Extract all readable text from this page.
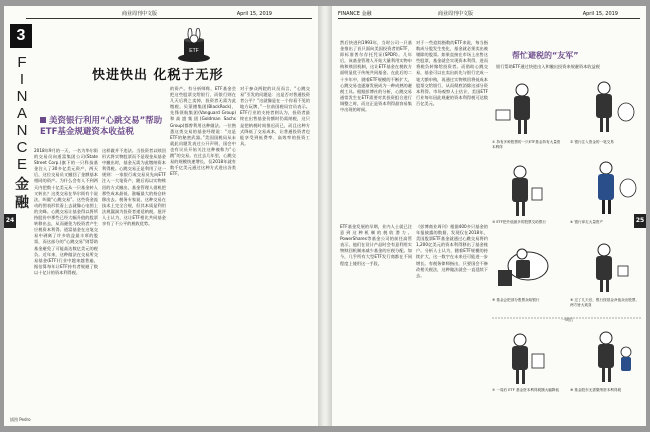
商业周刊中文版	April 15, 2019
3
F
I
N
A
N
C
E
金融
24
ETF
快进快出 化税于无形
美资银行利用“心跳交易”帮助ETF基金规避资本收益税
2018年9月的一天，一名为华尔街的交易员向道富集团公司(State Street Corp.)旗下的一只科技基金注入了30多亿美元资产，两天后，这位交易员又撤回了金额基本相同的资产。为什么会有人不到两天内把数十亿美元从一只基金转入又转出？这类交易在华尔街有个说法，叫做“心跳交易”。这些资金流动的图表形状看上去就像心电图上的尖峰。心跳交易让基金得以将所持股份中那些已经大幅升值的股票转移出去，从而避免为投资者产生应税资本利得。道富基金在这笔交易中剥离了许多收益最丰厚的股票，而这部分的“心跳交易”则帮助基金避免了可能高达数亿美元的税负。近年来，这种做法在交易所交易基金(ETF)行业中越来越普遍，据估算每年让ETF持有者规避了数以十亿计的资本利得税。
这样做并不违法。当投资者以赎回形式将实物股票而不是现金从基金中撤出时，基金无需为此缴纳资本利得税。心跳交易正是利用了这一规则：一家银行或交易员先向ETF注入一大笔资产，随后再以实物赎回的方式撤出，基金管理人借机把那些成本最低、涨幅最大的持仓转移出去。税务专家说，这种交易在技术上完全合规，但其本质是利用法规漏洞为投资者递延纳税，批评人士认为，这让ETF相比共同基金享有了不公平的税收优势。
的资产。有分析师称，ETF基金会把这些股票交给银行，而银行则在几天后将之卖掉，投资者无需为此缴税。贝莱德集团(BlackRock)、先锋领航集团(Vanguard Group)和高盛集团(Goldman Sachs Group)都曾利用这种做法。一位熟悉这类交易的基金经理说：“这是ETF的秘密武器。”美国国税局从未就此问题发表过公开声明，国会中也有议员开始关注这种被称为“心跳”的交易。在过去几年里，心跳交易的规模快速增长，仅2018年就有数千亿美元通过这种方式进出各类ETF。
对于参众两院的议员而言，“心跳交易”引发的问题是：这是否对普通投资者公平？“这就像是在一个你看不见的地方玩牌，”一位前国税局官员表示。ETF行业的支持者则认为，投资者最终在出售基金份额时仍需纳税，这只是把纳税时间推迟而已，而且这种方式降低了交易成本，让普通投资者也能享受到低费率、高效率的投资工具。
插图 Pedro
FINANCE 金融	商业周刊中文版	April 15, 2019
25
然后快进到1993年，当时公司一只基金推出了首只面向美国投资者的ETF，即标准普尔存托凭证(SPDR)。几年后，该基金管理人开始大量利用实物申购和赎回机制，这让ETF基金在税收方面明显优于传统共同基金。在此后的二十多年中，随着ETF规模的不断扩大，心跳交易也逐渐发展成为一种成熟的避税工具。根据彭博社的分析，心跳交易通常发生在ETF需要对其投资组合进行调整之时，而这正是资本利得最容易集中出现的时候。
对于一些追踪指数的ETF来说，每当指数成分股发生变化，基金就必须卖出被剔除的股票。如果直接在市场上出售这些股票，基金就会实现资本利得，进而将税负转嫁给投资者。而借助心跳交易，基金可以在卖出前先与银行完成一笔大额申购，再通过实物赎回将低成本股票交给银行，从而彻底消除这部分资本利得。市场观察人士估计，美国ETF行业每年因此规避的资本利得税可达数百亿美元。
ETF基金发展的早期，业内人士就已注意到这种机制的税收潜力。PowerShares等基金公司的前任高管表示，他们在设计产品时会有意利用实物赎回机制来减少基金的应税分配。如今，几乎所有大型ETF发行商都在不同程度上使用这一手段。
《彭博商业周刊》根据400多只基金的年报披露的数据，发现仅在2018年，美国股票ETF基金就通过心跳交易将约1,200亿美元的资本利得移出了基金账户。分析人士认为，随着ETF规模的持续扩大，这一数字在未来还可能进一步增长。有税务律师指出，只要国会不修改相关税法，这种做法就会一直延续下去。
帮忙避税的“友军”
银行帮助ETF通过快进出入和撤出投资来规避资本收益税
一周后
① 持有多种股票的一只ETF基金持有大量资本利得
② 银行注入资金的一笔交易
③ ETF把升值最多的股票交给银行	④ 银行拿走大量资产
⑤ 基金会把部分股票卖给银行	⑥ 过了几天后，银行按基金净值卖出股票，两方皆大欢喜
⑦ 一周后 ETF 基金资本利得税额大幅降低	⑧ 基金股东无需缴纳资本利得税
